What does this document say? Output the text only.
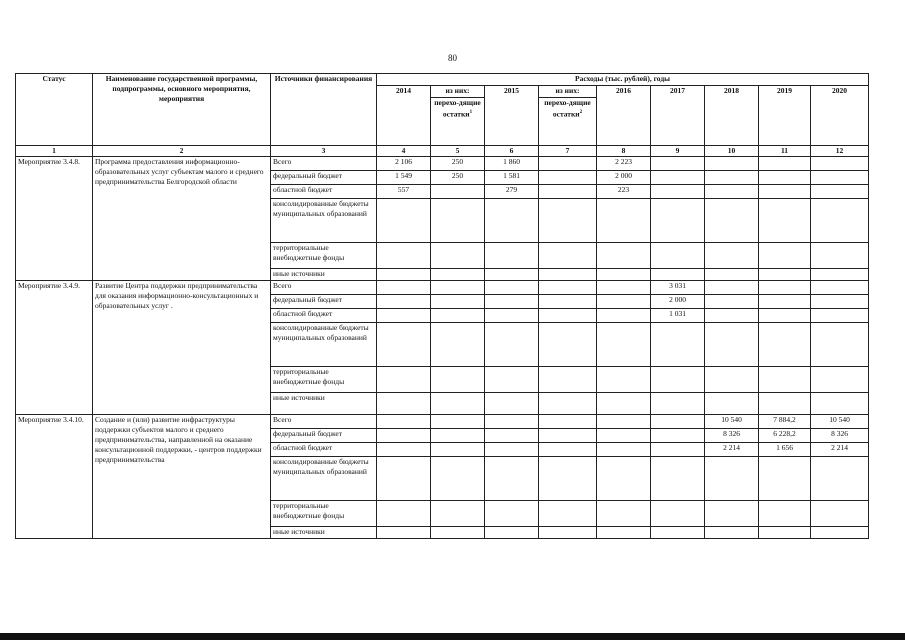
80
Статус	Наименование государственной программы, подпрограммы, основного мероприятия, мероприятия	Источники финансирования	Расходы (тыс. рублей), годы								
			2014	из них:	2015	из них:	2016	2017	2018	2019	2020
				перехо-дящие остатки$^1$		перехо-дящие остатки$^2$
1	2	3	4	5	6	7	8	9	10	11	12
Мероприятие 3.4.8.	Программа предоставления информационно-образовательных услуг субъектам малого и среднего предпринимательства Белгородской области	Всего	2 106	250	1 860		2 223				
		федеральный бюджет	1 549	250	1 581		2 000				
		областной бюджет	557		279		223				
		консолидированные бюджеты муниципальных образований									
		территориальные внебюджетные фонды									
		иные источники									
Мероприятие 3.4.9.	Развитие Центра поддержки предпринимательства для оказания информационно-консультационных и образовательных услуг .	Всего						3 031			
		федеральный бюджет						2 000			
		областной бюджет						1 031			
		консолидированные бюджеты муниципальных образований									
		территориальные внебюджетные фонды									
		иные источники									
Мероприятие 3.4.10.	Создание и (или) развитие инфраструктуры поддержки субъектов малого и среднего предпринимательства, направленной на оказание консультационной поддержки, - центров поддержки предпринимательства	Всего							10 540	7 884,2	10 540
		федеральный бюджет							8 326	6 228,2	8 326
		областной бюджет							2 214	1 656	2 214
		консолидированные бюджеты муниципальных образований									
		территориальные внебюджетные фонды									
		иные источники									
